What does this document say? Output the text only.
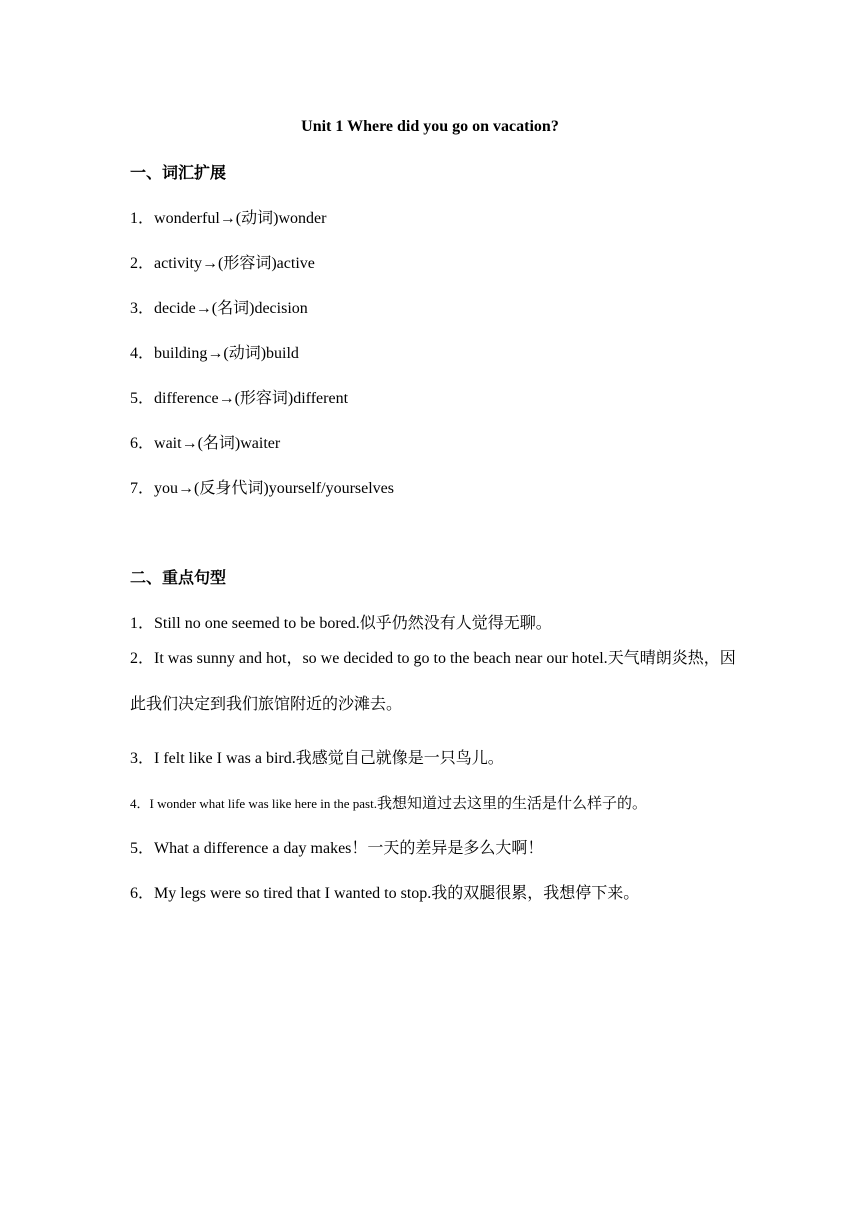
Unit 1 Where did you go on vacation?
一、词汇扩展
1．wonderful→(动词)wonder
2．activity→(形容词)active
3．decide→(名词)decision
4．building→(动词)build
5．difference→(形容词)different
6．wait→(名词)waiter
7．you→(反身代词)yourself/yourselves
二、重点句型
1．Still no one seemed to be bored.似乎仍然没有人觉得无聊。
2．It was sunny and hot，so we decided to go to the beach near our hotel.天气晴朗炎热，因此我们决定到我们旅馆附近的沙滩去。
3．I felt like I was a bird.我感觉自己就像是一只鸟儿。
4．I wonder what life was like here in the past.我想知道过去这里的生活是什么样子的。
5．What a difference a day makes！一天的差异是多么大啊！
6．My legs were so tired that I wanted to stop.我的双腿很累，我想停下来。
